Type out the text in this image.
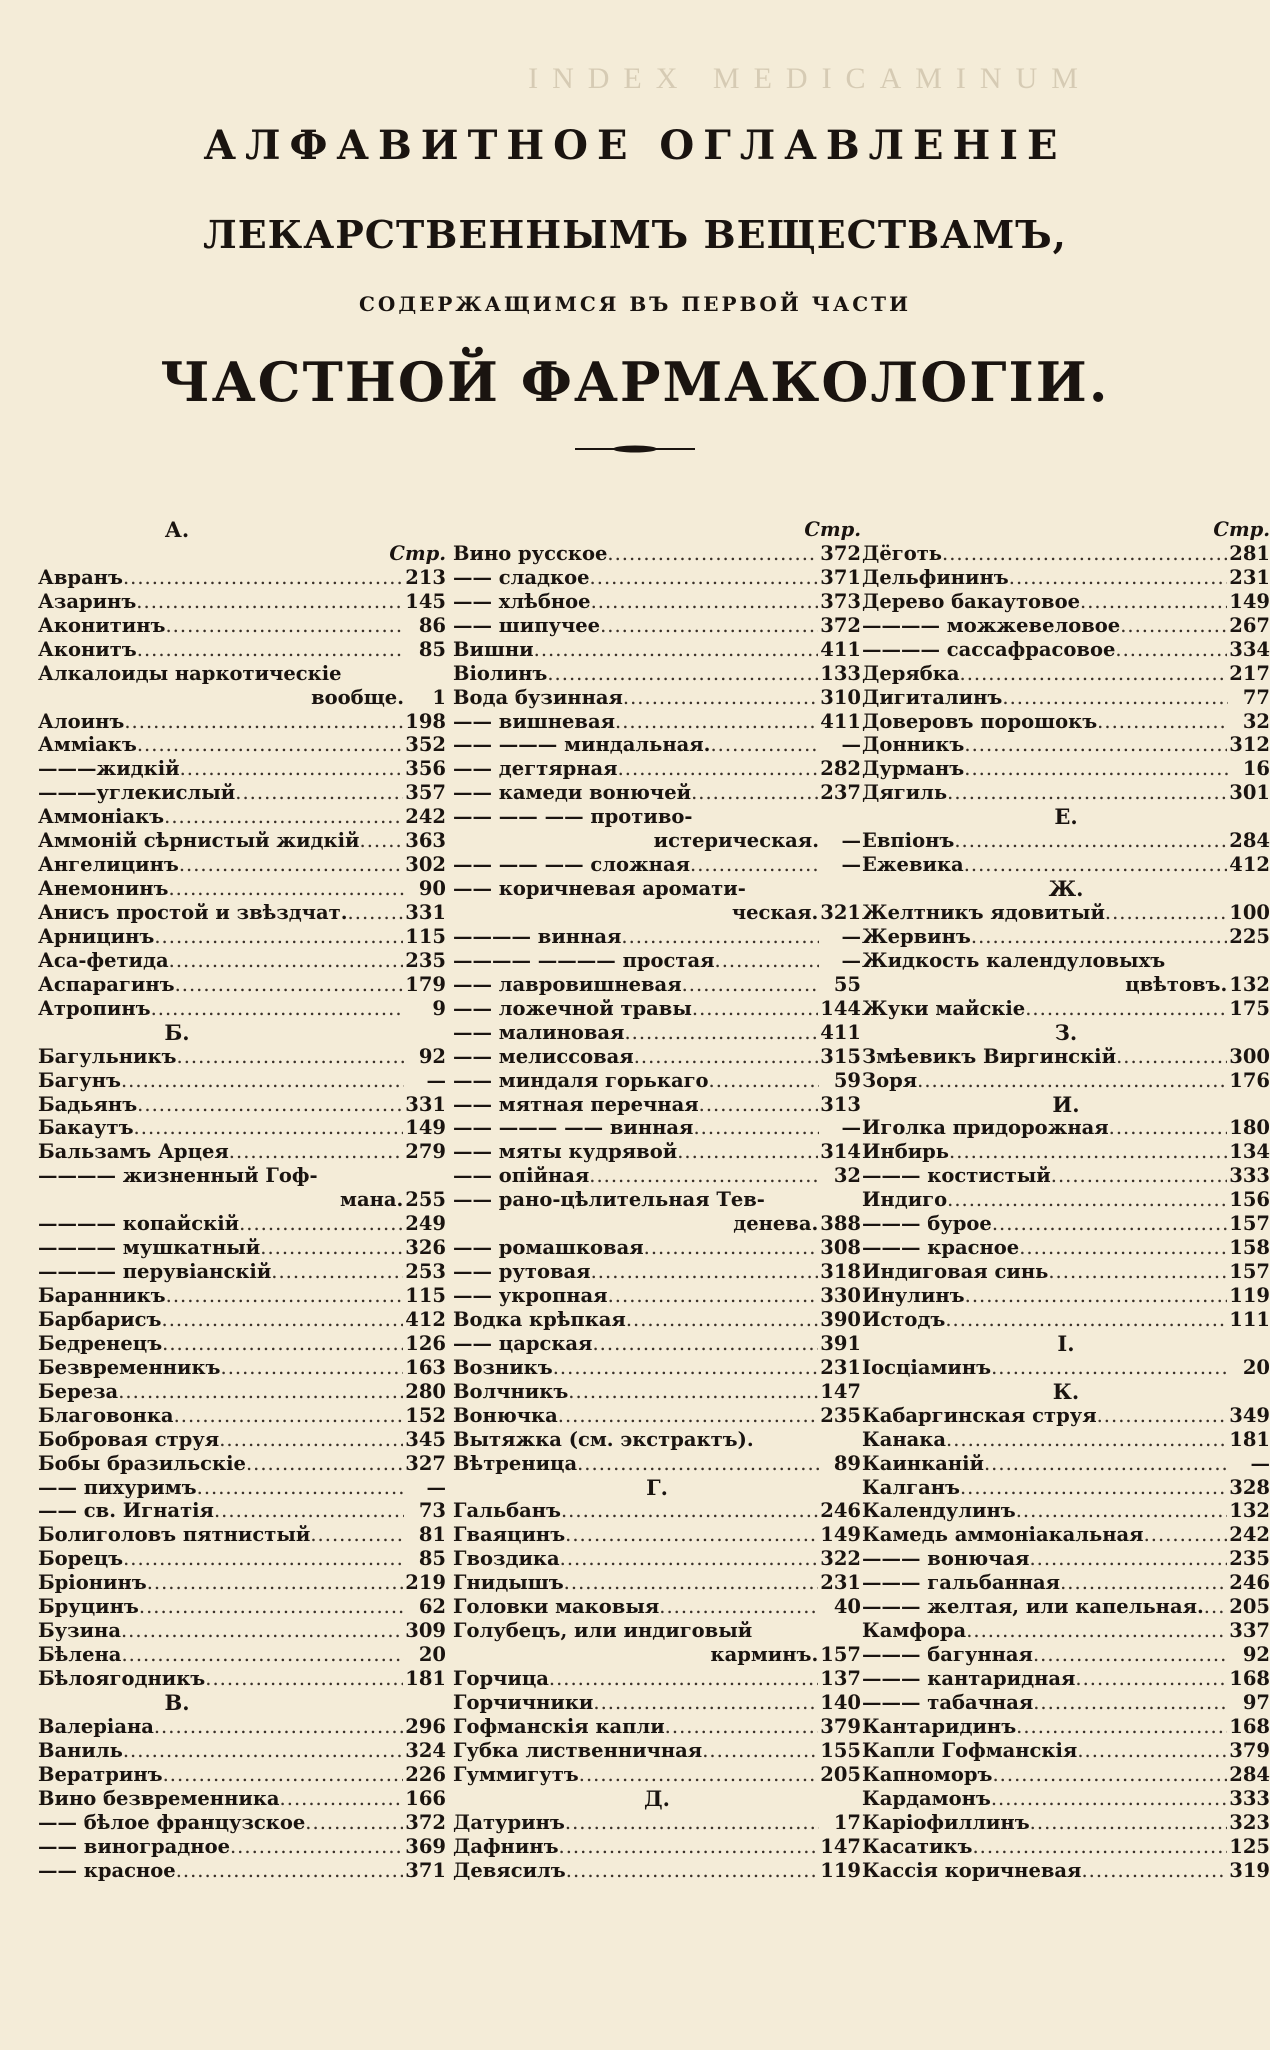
INDEX MEDICAMINUM
АЛФАВИТНОЕ ОГЛАВЛЕНІЕ
ЛЕКАРСТВЕННЫМЪ ВЕЩЕСТВАМЪ,
СОДЕРЖАЩИМСЯ ВЪ ПЕРВОЙ ЧАСТИ
ЧАСТНОЙ ФАРМАКОЛОГІИ.
А.
Стр.
Авранъ .....	213
Азаринъ .....	145
Аконитинъ .....	86
Аконитъ .....	85
Алкалоиды наркотическіе
вообще.	1
Алоинъ .....	198
Амміакъ .....	352
———жидкій .....	356
———углекислый .....	357
Аммоніакъ .....	242
Аммоній сѣрнистый жидкій ..... 363
Ангелицинъ .....	302
Анемонинъ .....	90
Анисъ простой и звѣздчат. .....	331
Арницинъ .....	115
Аса-фетида .....	235
Аспарагинъ .....	179
Атропинъ .....	9
Б.
Багульникъ .....	92
Багунъ .....	—
Бадьянъ .....	331
Бакаутъ .....	149
Бальзамъ Арцея .....	279
———— жизненный Гоф-
мана. 255
———— копайскій .....	249
———— мушкатный .....	326
———— перувіанскій .....	253
Баранникъ .....	115
Барбарисъ .....	412
Бедренецъ .....	126
Безвременникъ .....	163
Береза .....	280
Благовонка .....	152
Бобровая струя .....	345
Бобы бразильскіе .....	327
—— пихуримъ .....	—
—— св. Игнатія .....	73
Болиголовъ пятнистый .....	81
Борецъ .....	85
Бріонинъ .....	219
Бруцинъ .....	62
Бузина .....	309
Бѣлена .....	20
Бѣлоягодникъ .....	181
В.
Валеріана .....	296
Ваниль .....	324
Вератринъ .....	226
Вино безвременника .....	166
—— бѣлое французское .....	372
—— виноградное .....	369
—— красное .....	371
Стр.
Вино русское .....	372
—— сладкое .....	371
—— хлѣбное .....	373
—— шипучее .....	372
Вишни .....	411
Віолинъ .....	133
Вода бузинная .....	310
—— вишневая .....	411
—— ——— миндальная. .....	—
—— дегтярная .....	282
—— камеди вонючей .....	237
—— —— —— противо-
истерическая.	—
—— —— —— сложная .....	—
—— коричневая аромати-
ческая. 321
———— винная .....	—
———— ———— простая .....	—
—— лавровишневая .....	55
—— ложечной травы .....	144
—— малиновая .....	411
—— мелиссовая .....	315
—— миндаля горькаго .....	59
—— мятная перечная .....	313
—— ——— —— винная .....	—
—— мяты кудрявой .....	314
—— опійная .....	32
—— рано-цѣлительная Тев-
денева. 388
—— ромашковая .....	308
—— рутовая .....	318
—— укропная .....	330
Водка крѣпкая .....	390
—— царская .....	391
Возникъ .....	231
Волчникъ .....	147
Вонючка .....	235
Вытяжка (см. экстрактъ).
Вѣтреница .....	89
Г.
Гальбанъ .....	246
Гваяцинъ .....	149
Гвоздика .....	322
Гнидышъ .....	231
Головки маковыя .....	40
Голубецъ, или индиговый
карминъ. 157
Горчица .....	137
Горчичники .....	140
Гофманскія капли .....	379
Губка лиственничная .....	155
Гуммигутъ .....	205
Д.
Датуринъ .....	17
Дафнинъ .....	147
Девясилъ .....	119
Стр.
Дёготь .....	281
Дельфининъ .....	231
Дерево бакаутовое .....	149
———— можжевеловое .....	267
———— сассафрасовое .....	334
Дерябка .....	217
Дигиталинъ .....	77
Доверовъ порошокъ .....	32
Донникъ .....	312
Дурманъ .....	16
Дягиль .....	301
Е.
Евпіонъ .....	284
Ежевика .....	412
Ж.
Желтникъ ядовитый .....	100
Жервинъ .....	225
Жидкость календуловыхъ
цвѣтовъ. 132
Жуки майскіе .....	175
З.
Змѣевикъ Виргинскій .....	300
Зоря .....	176
И.
Иголка придорожная .....	180
Инбирь .....	134
——— костистый .....	333
Индиго .....	156
——— бурое .....	157
——— красное .....	158
Индиговая синь .....	157
Инулинъ .....	119
Истодъ .....	111
І.
Іосціаминъ .....	20
К.
Кабаргинская струя .....	349
Канака .....	181
Каинканій .....	—
Калганъ .....	328
Календулинъ .....	132
Камедь аммоніакальная .....	242
——— вонючая .....	235
——— гальбанная .....	246
——— желтая, или капельная. ..... 205
Камфора .....	337
——— багунная .....	92
——— кантаридная .....	168
——— табачная .....	97
Кантаридинъ .....	168
Капли Гофманскія .....	379
Капноморъ .....	284
Кардамонъ .....	333
Каріофиллинъ .....	323
Касатикъ .....	125
Кассія коричневая .....	319
